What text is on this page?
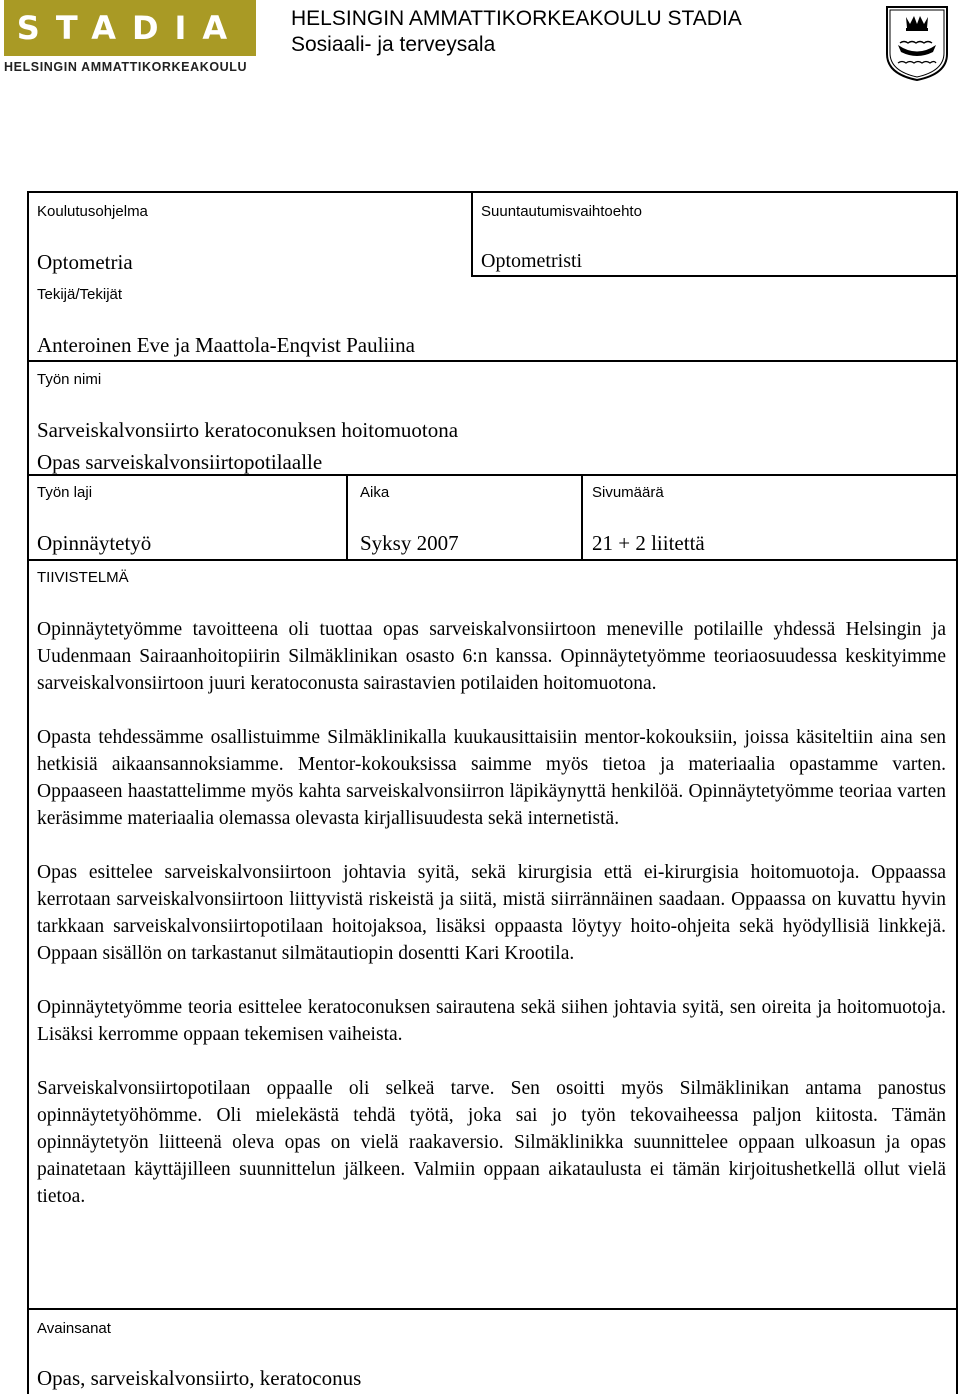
STADIA
HELSINGIN AMMATTIKORKEAKOULU
HELSINGIN AMMATTIKORKEAKOULU STADIA
Sosiaali- ja terveysala
Koulutusohjelma
Optometria
Suuntautumisvaihtoehto
Optometristi
Tekijä/Tekijät
Anteroinen Eve ja Maattola-Enqvist Pauliina
Työn nimi
Sarveiskalvonsiirto keratoconuksen hoitomuotona
Opas sarveiskalvonsiirtopotilaalle
Työn laji
Opinnäytetyö
Aika
Syksy 2007
Sivumäärä
21 + 2 liitettä
TIIVISTELMÄ

Opinnäytetyömme tavoitteena oli tuottaa opas sarveiskalvonsiirtoon meneville potilaille yhdessä Helsingin ja Uudenmaan Sairaanhoitopiirin Silmäklinikan osasto 6:n kanssa. Opinnäytetyömme teoriaosuudessa keskityimme sarveiskalvonsiirtoon juuri keratoconusta sairastavien potilaiden hoitomuotona.

Opasta tehdessämme osallistuimme Silmäklinikalla kuukausittaisiin mentor-kokouksiin, joissa käsiteltiin aina sen hetkisiä aikaansannoksiamme. Mentor-kokouksissa saimme myös tietoa ja materiaalia opastamme varten. Oppaaseen haastattelimme myös kahta sarveiskalvonsiirron läpikäynyttä henkilöä. Opinnäytetyömme teoriaa varten keräsimme materiaalia olemassa olevasta kirjallisuudesta sekä internetistä.

Opas esittelee sarveiskalvonsiirtoon johtavia syitä, sekä kirurgisia että ei-kirurgisia hoitomuotoja. Oppaassa kerrotaan sarveiskalvonsiirtoon liittyvistä riskeistä ja siitä, mistä siirrännäinen saadaan. Oppaassa on kuvattu hyvin tarkkaan sarveiskalvonsiirtopotilaan hoitojaksoa, lisäksi oppaasta löytyy hoito-ohjeita sekä hyödyllisiä linkkejä. Oppaan sisällön on tarkastanut silmätautiopin dosentti Kari Krootila.

Opinnäytetyömme teoria esittelee keratoconuksen sairautena sekä siihen johtavia syitä, sen oireita ja hoitomuotoja. Lisäksi kerromme oppaan tekemisen vaiheista.

Sarveiskalvonsiirtopotilaan oppaalle oli selkeä tarve. Sen osoitti myös Silmäklinikan antama panostus opinnäytetyöhömme. Oli mielekästä tehdä työtä, joka sai jo työn tekovaiheessa paljon kiitosta. Tämän opinnäytetyön liitteenä oleva opas on vielä raakaversio. Silmäklinikka suunnittelee oppaan ulkoasun ja opas painatetaan käyttäjilleen suunnittelun jälkeen. Valmiin oppaan aikataulusta ei tämän kirjoitushetkellä ollut vielä tietoa.

Avainsanat
Opas, sarveiskalvonsiirto, keratoconus
